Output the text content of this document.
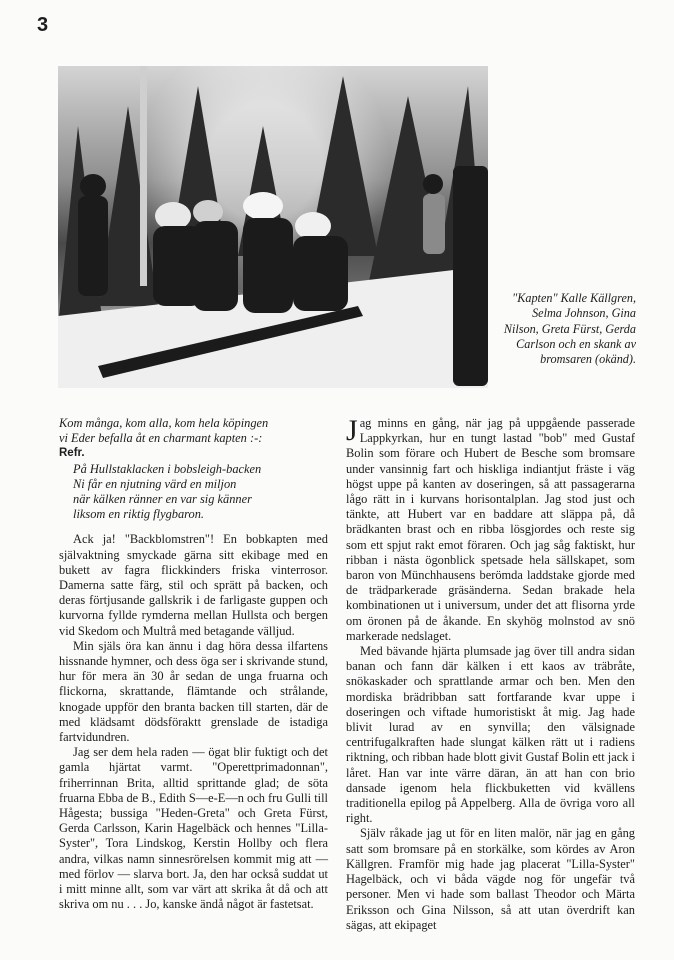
3
"Kapten" Kalle Källgren, Selma Johnson, Gina Nilson, Greta Fürst, Gerda Carlson och en skank av bromsaren (okänd).

Kom många, kom alla, kom hela köpingen

vi Eder befalla åt en charmant kapten :-:

Refr.

På Hullstaklacken i bobsleigh-backen

Ni får en njutning värd en miljon

när kälken ränner en var sig känner

liksom en riktig flygbaron.

Ack ja! "Backblomstren"! En bobkapten med självaktning smyckade gärna sitt ekibage med en bukett av fagra flickkinders friska vinterrosor. Damerna satte färg, stil och sprätt på backen, och deras förtjusande gallskrik i de farligaste guppen och kurvorna fyllde rymderna mellan Hullsta och bergen vid Skedom och Multrå med betagande välljud.

Min själs öra kan ännu i dag höra dessa ilfartens hissnande hymner, och dess öga ser i skrivande stund, hur för mera än 30 år sedan de unga fruarna och flickorna, skrattande, flämtande och strålande, knogade uppför den branta backen till starten, där de med klädsamt dödsföraktt grenslade de istadiga fartvidundren.

Jag ser dem hela raden — ögat blir fuktigt och det gamla hjärtat varmt. "Operettprimadonnan", friherrinnan Brita, alltid sprittande glad; de söta fruarna Ebba de B., Edith S—e-E—n och fru Gulli till Hågesta; bussiga "Heden-Greta" och Greta Fürst, Gerda Carlsson, Karin Hagelbäck och hennes "Lilla-Syster", Tora Lindskog, Kerstin Hollby och flera andra, vilkas namn sinnesrörelsen kommit mig att — med förlov — slarva bort. Ja, den har också suddat ut i mitt minne allt, som var värt att skrika åt då och att skriva om nu . . . Jo, kanske ändå något är fastetsat.

Jag minns en gång, när jag på uppgående passerade Lappkyrkan, hur en tungt lastad "bob" med Gustaf Bolin som förare och Hubert de Besche som bromsare under vansinnig fart och hiskliga indiantjut fräste i väg högst uppe på kanten av doseringen, så att passagerarna lågo rätt in i kurvans horisontalplan. Jag stod just och tänkte, att Hubert var en baddare att släppa på, då brädkanten brast och en ribba lösgjordes och reste sig som ett spjut rakt emot föraren. Och jag såg faktiskt, hur ribban i nästa ögonblick spetsade hela sällskapet, som baron von Münchhausens berömda laddstake gjorde med de trädparkerade gräsänderna. Sedan brakade hela kombinationen ut i universum, under det att flisorna yrde om öronen på de åkande. En skyhög molnstod av snö markerade nedslaget.

Med bävande hjärta plumsade jag över till andra sidan banan och fann där kälken i ett kaos av träbråte, snökaskader och sprattlande armar och ben. Men den mordiska brädribban satt fortfarande kvar uppe i doseringen och viftade humoristiskt åt mig. Jag hade blivit lurad av en synvilla; den välsignade centrifugalkraften hade slungat kälken rätt ut i radiens riktning, och ribban hade blott givit Gustaf Bolin ett jack i låret. Han var inte värre däran, än att han con brio dansade igenom hela flickbuketten vid kvällens traditionella epilog på Appelberg. Alla de övriga voro all right.

Själv råkade jag ut för en liten malör, när jag en gång satt som bromsare på en storkälke, som kördes av Aron Källgren. Framför mig hade jag placerat "Lilla-Syster" Hagelbäck, och vi båda vägde nog för ungefär två personer. Men vi hade som ballast Theodor och Märta Eriksson och Gina Nilsson, så att utan överdrift kan sägas, att ekipaget
